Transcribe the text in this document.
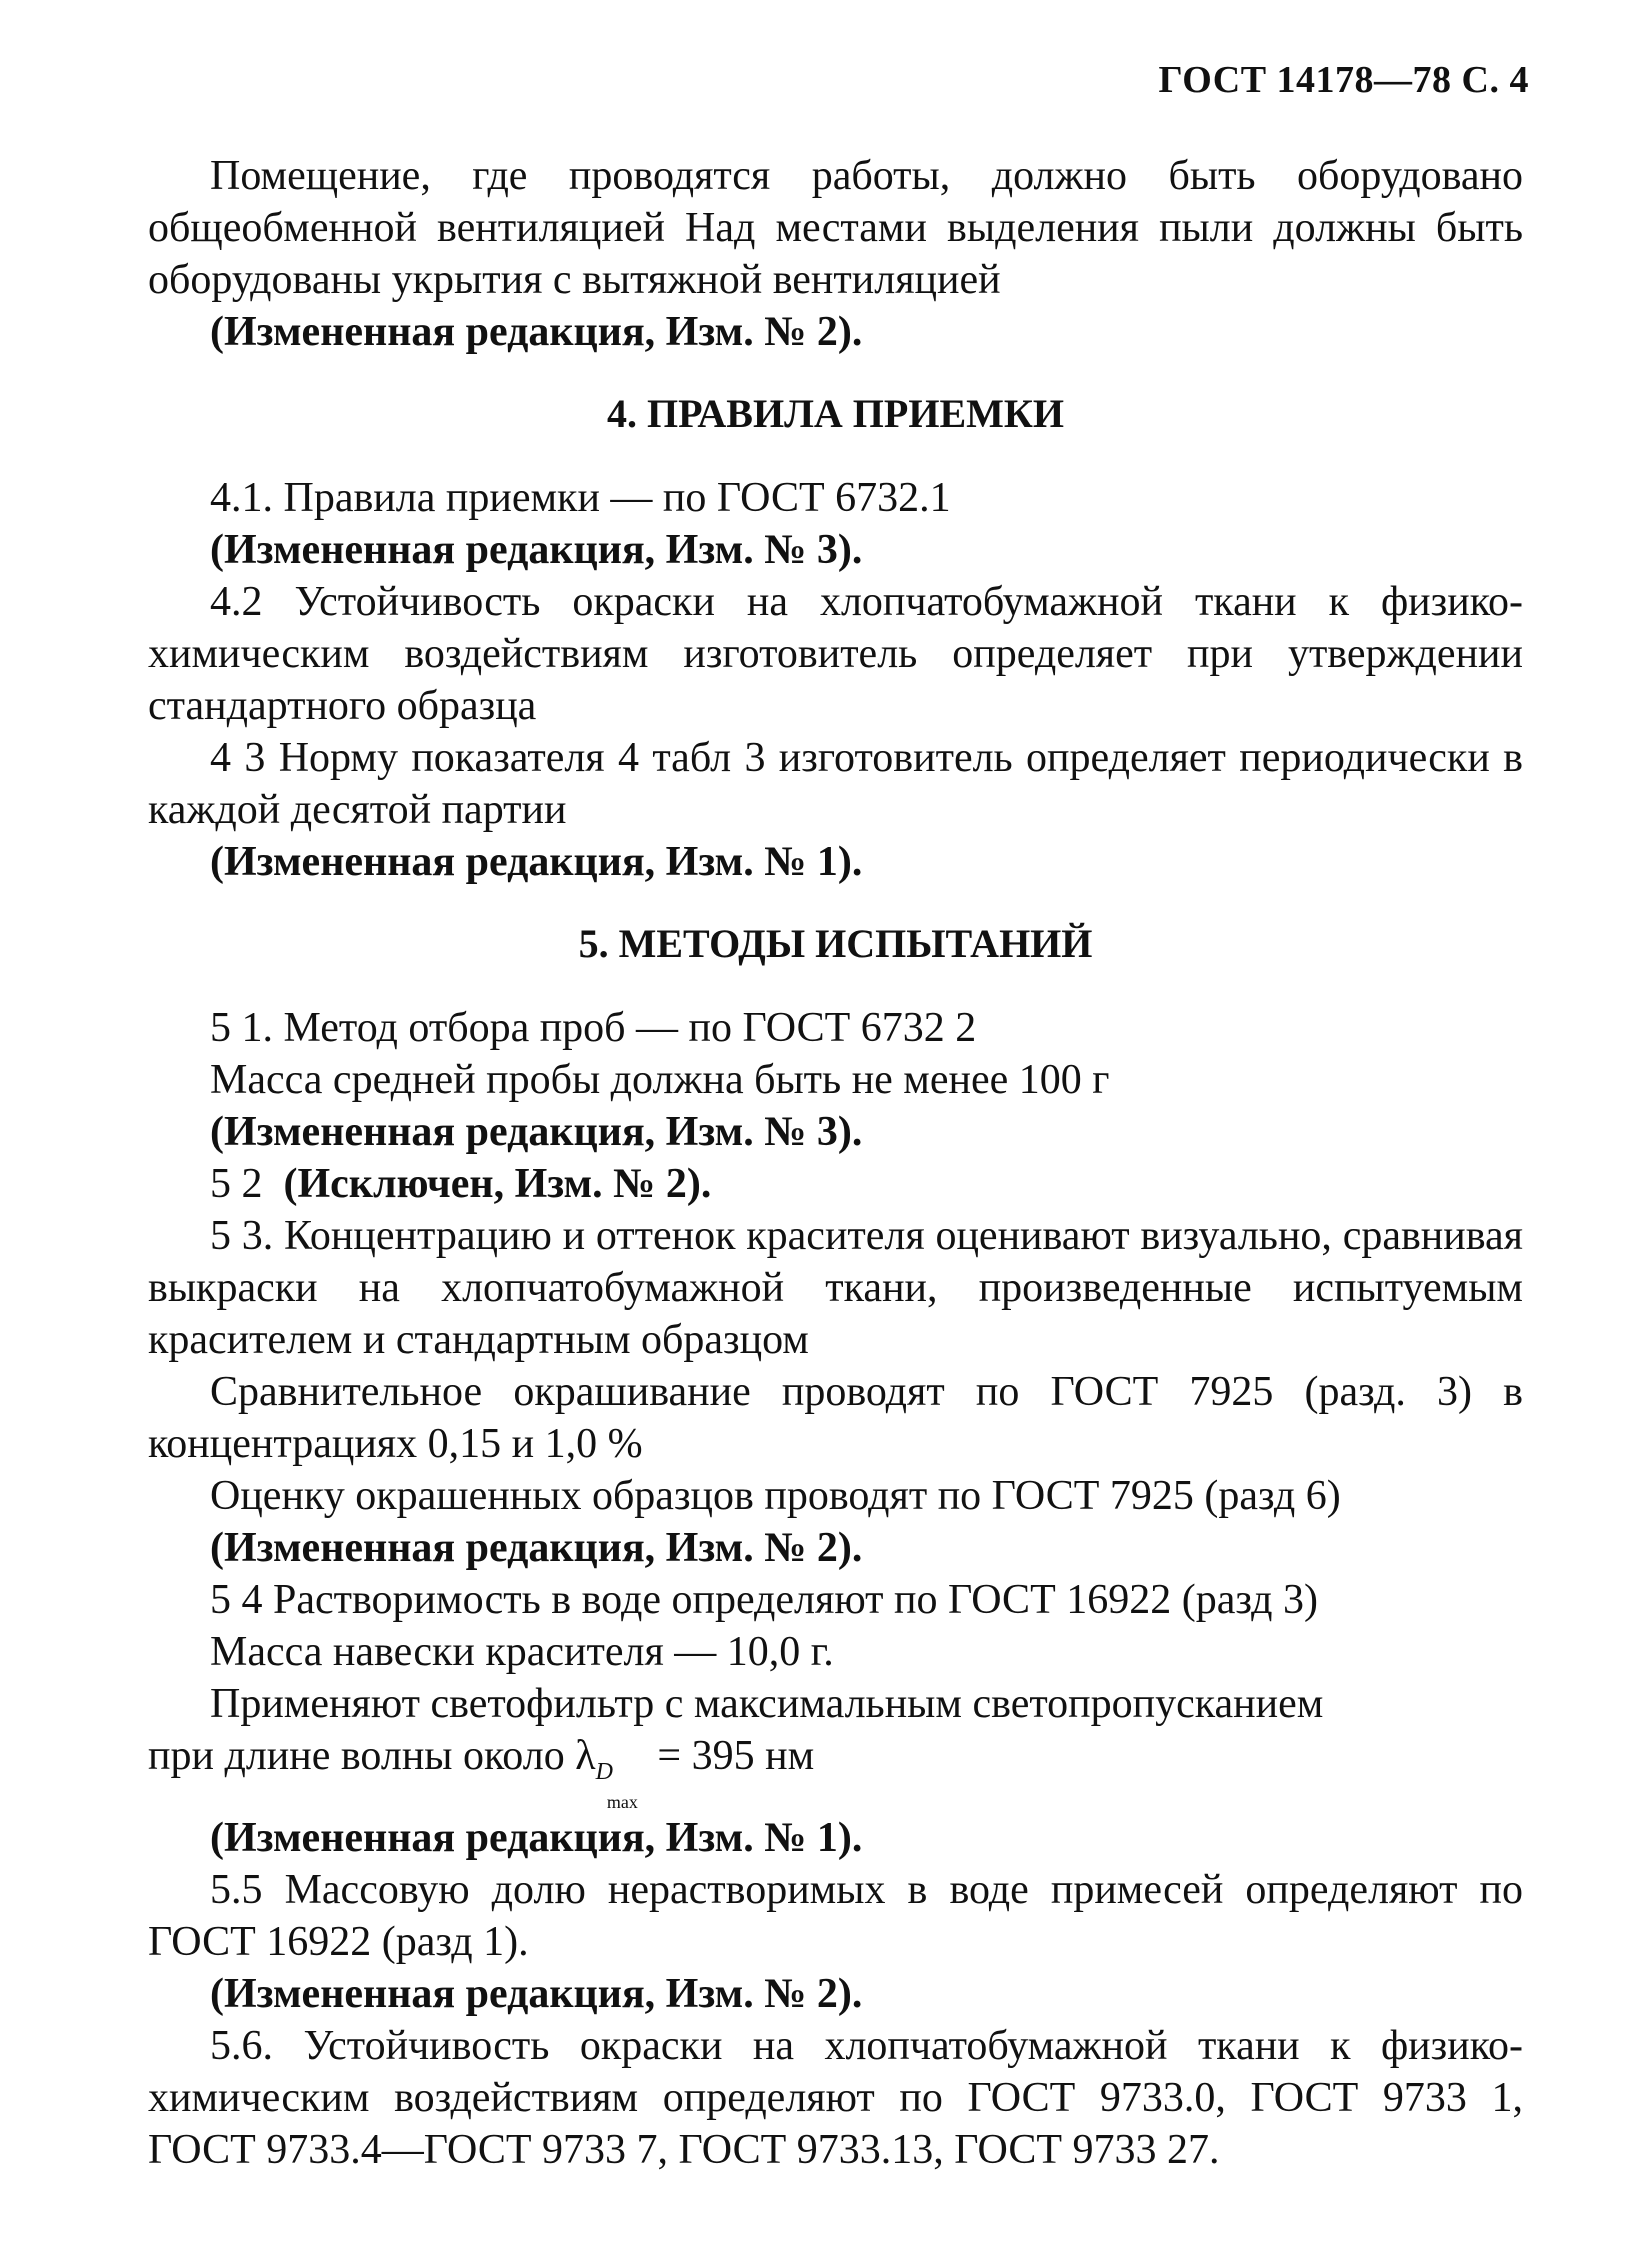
ГОСТ 14178—78 С. 4

Помещение, где проводятся работы, должно быть оборудовано общеобменной вентиляцией Над местами выделения пыли должны быть оборудованы укрытия с вытяжной вентиляцией

(Измененная редакция, Изм. № 2).

4. ПРАВИЛА ПРИЕМКИ

4.1. Правила приемки — по ГОСТ 6732.1

(Измененная редакция, Изм. № 3).

4.2 Устойчивость окраски на хлопчатобумажной ткани к физико-химическим воздействиям изготовитель определяет при утверждении стандартного образца

4 3 Норму показателя 4 табл 3 изготовитель определяет периодически в каждой десятой партии

(Измененная редакция, Изм. № 1).

5. МЕТОДЫ ИСПЫТАНИЙ

5 1. Метод отбора проб — по ГОСТ 6732 2

Масса средней пробы должна быть не менее 100 г

(Измененная редакция, Изм. № 3).

5 2 (Исключен, Изм. № 2).

5 3. Концентрацию и оттенок красителя оценивают визуально, сравнивая выкраски на хлопчатобумажной ткани, произведенные испытуемым красителем и стандартным образцом

Сравнительное окрашивание проводят по ГОСТ 7925 (разд. 3) в концентрациях 0,15 и 1,0 %

Оценку окрашенных образцов проводят по ГОСТ 7925 (разд 6)

(Измененная редакция, Изм. № 2).

5 4 Растворимость в воде определяют по ГОСТ 16922 (разд 3)

Масса навески красителя — 10,0 г.

Применяют светофильтр с максимальным светопропусканием

при длине волны около $\lambda_D$
max
= 395 нм

(Измененная редакция, Изм. № 1).

5.5 Массовую долю нерастворимых в воде примесей определяют по ГОСТ 16922 (разд 1).

(Измененная редакция, Изм. № 2).

5.6. Устойчивость окраски на хлопчатобумажной ткани к физико-химическим воздействиям определяют по ГОСТ 9733.0, ГОСТ 9733 1, ГОСТ 9733.4—ГОСТ 9733 7, ГОСТ 9733.13, ГОСТ 9733 27.
